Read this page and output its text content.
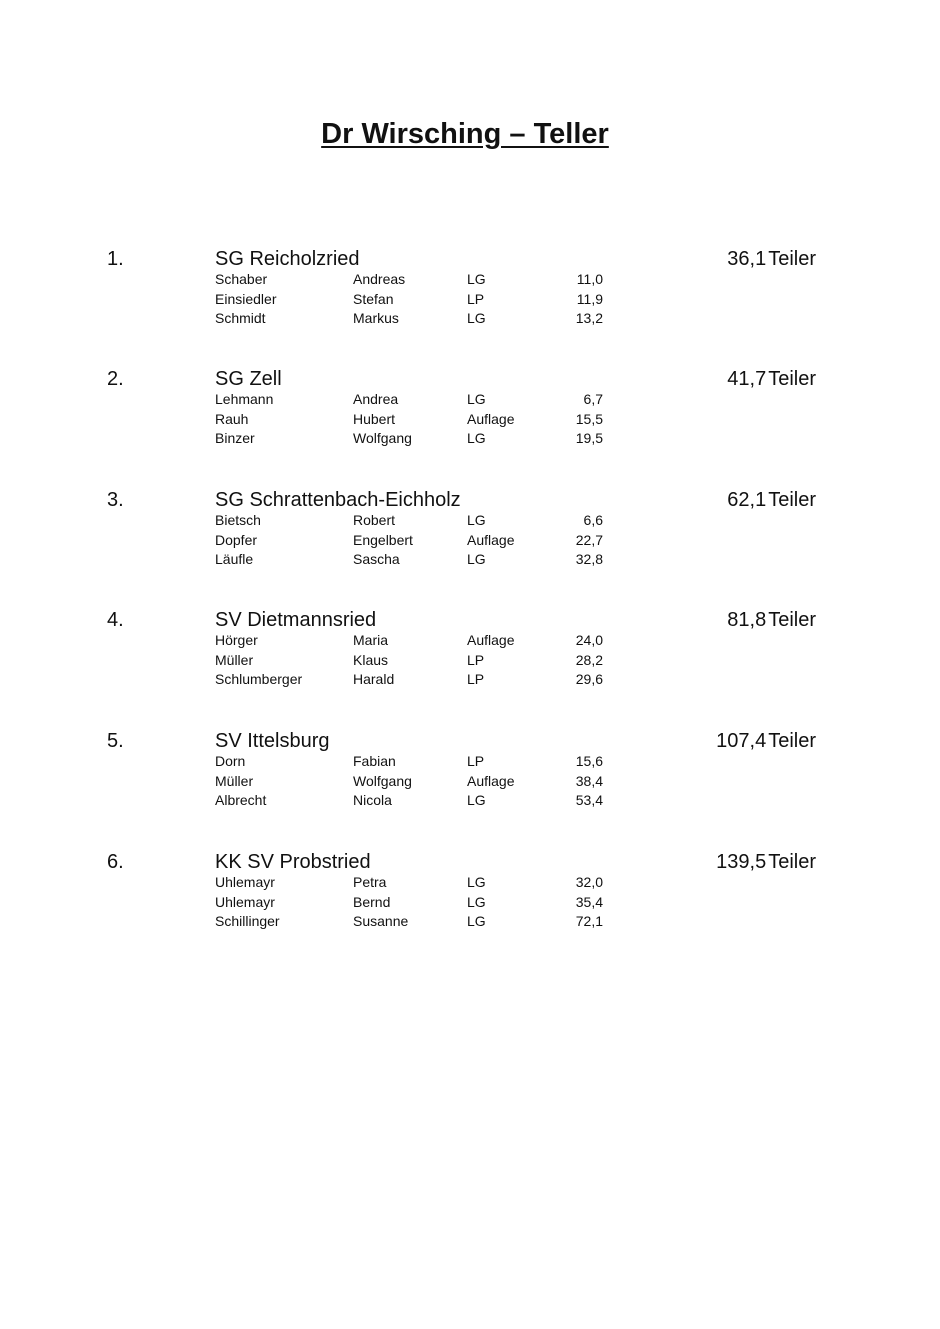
Dr Wirsching – Teller
1.	SG Reicholzried	36,1 Teiler
Schaber	Andreas	LG	11,0
Einsiedler	Stefan	LP	11,9
Schmidt	Markus	LG	13,2
2.	SG Zell	41,7 Teiler
Lehmann	Andrea	LG	6,7
Rauh	Hubert	Auflage	15,5
Binzer	Wolfgang	LG	19,5
3.	SG Schrattenbach-Eichholz	62,1 Teiler
Bietsch	Robert	LG	6,6
Dopfer	Engelbert	Auflage	22,7
Läufle	Sascha	LG	32,8
4.	SV Dietmannsried	81,8 Teiler
Hörger	Maria	Auflage	24,0
Müller	Klaus	LP	28,2
Schlumberger	Harald	LP	29,6
5.	SV Ittelsburg	107,4 Teiler
Dorn	Fabian	LP	15,6
Müller	Wolfgang	Auflage	38,4
Albrecht	Nicola	LG	53,4
6.	KK SV Probstried	139,5 Teiler
Uhlemayr	Petra	LG	32,0
Uhlemayr	Bernd	LG	35,4
Schillinger	Susanne	LG	72,1
